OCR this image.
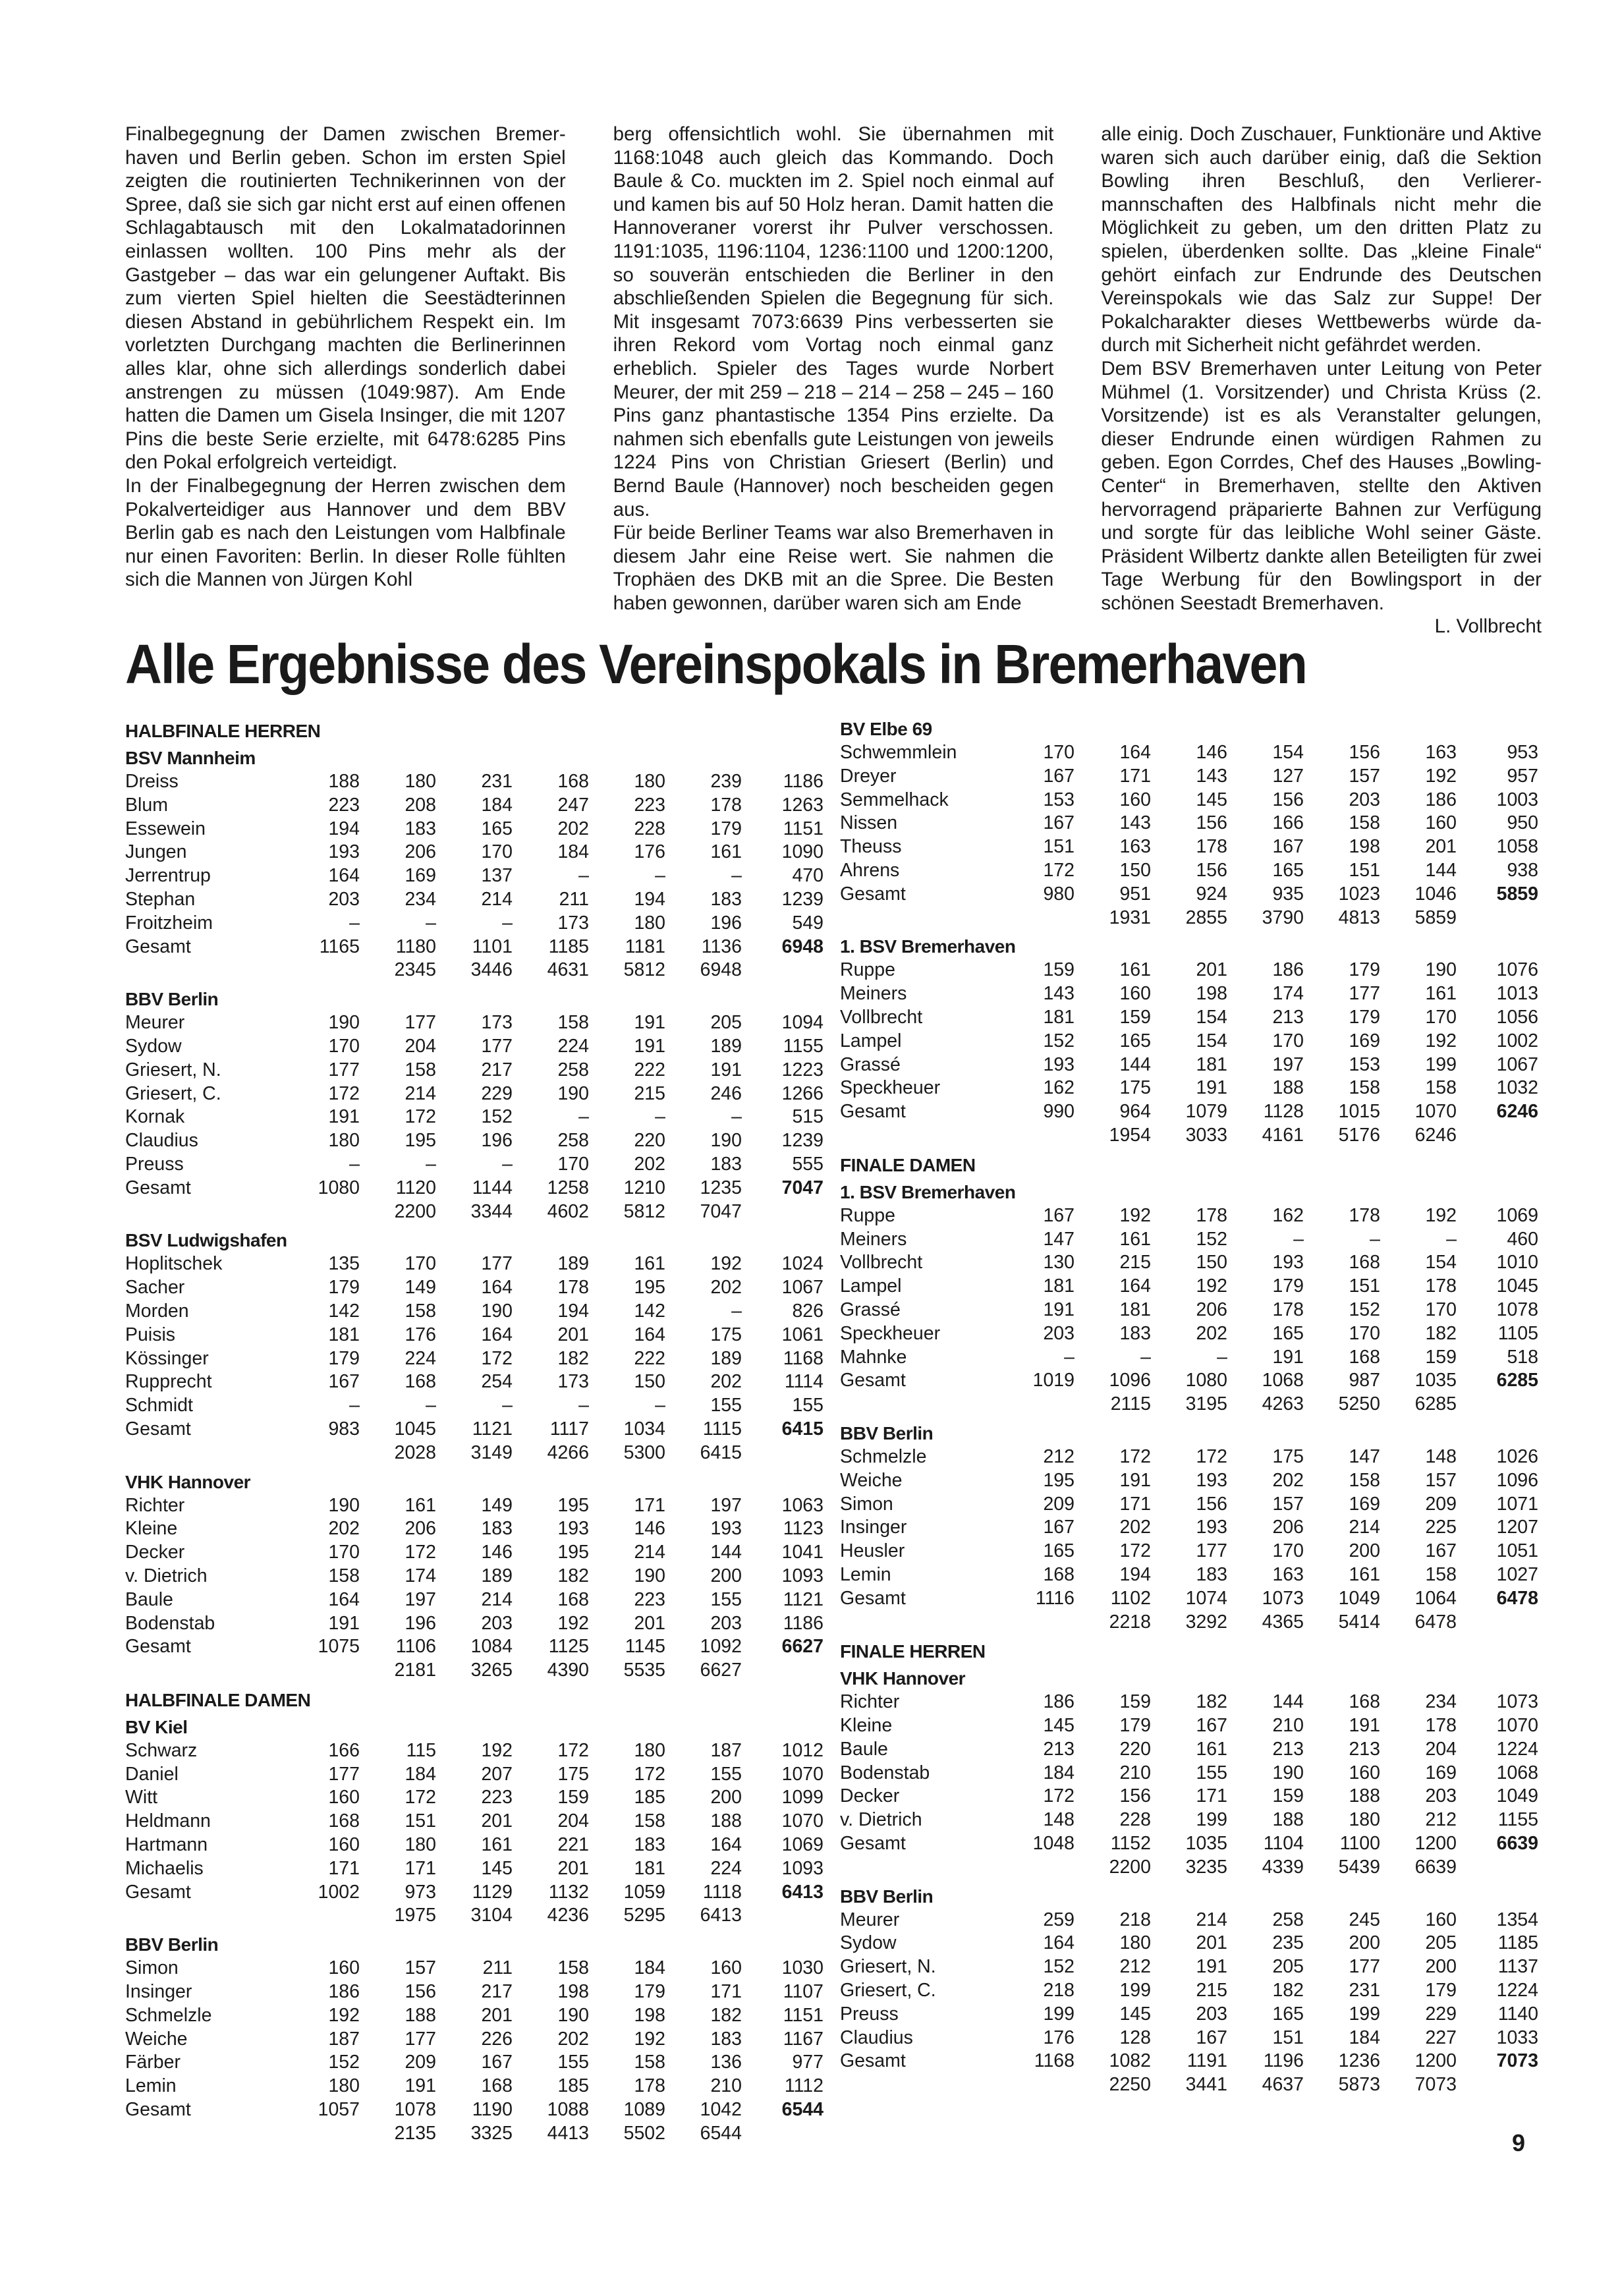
Finalbegegnung der Damen zwischen Bremerhaven und Berlin geben. Schon im ersten Spiel zeigten die routinierten Technikerinnen von der Spree, daß sie sich gar nicht erst auf einen offenen Schlagabtausch mit den Lokalmatadorinnen einlassen wollten. 100 Pins mehr als der Gastgeber – das war ein gelungener Auftakt. Bis zum vierten Spiel hielten die Seestädterinnen diesen Abstand in gebührlichem Respekt ein. Im vorletzten Durchgang machten die Berlinerinnen alles klar, ohne sich allerdings sonderlich dabei anstrengen zu müssen (1049:987). Am Ende hatten die Damen um Gisela Insinger, die mit 1207 Pins die beste Serie erzielte, mit 6478:6285 Pins den Pokal erfolgreich verteidigt.

In der Finalbegegnung der Herren zwischen dem Pokalverteidiger aus Hannover und dem BBV Berlin gab es nach den Leistungen vom Halbfinale nur einen Favoriten: Berlin. In dieser Rolle fühlten sich die Mannen von Jürgen Kohl

berg offensichtlich wohl. Sie übernahmen mit 1168:1048 auch gleich das Kommando. Doch Baule & Co. muckten im 2. Spiel noch einmal auf und kamen bis auf 50 Holz heran. Damit hatten die Hannoveraner vorerst ihr Pulver verschossen. 1191:1035, 1196:1104, 1236:1100 und 1200:1200, so souverän entschieden die Berliner in den abschließenden Spielen die Begegnung für sich. Mit insgesamt 7073:6639 Pins verbesserten sie ihren Rekord vom Vortag noch einmal ganz erheblich. Spieler des Tages wurde Norbert Meurer, der mit 259 – 218 – 214 – 258 – 245 – 160 Pins ganz phantastische 1354 Pins erzielte. Da nahmen sich ebenfalls gute Leistungen von jeweils 1224 Pins von Christian Griesert (Berlin) und Bernd Baule (Hannover) noch bescheiden gegen aus.

Für beide Berliner Teams war also Bremerhaven in diesem Jahr eine Reise wert. Sie nahmen die Trophäen des DKB mit an die Spree. Die Besten haben gewonnen, darüber waren sich am Ende

alle einig. Doch Zuschauer, Funktionäre und Aktive waren sich auch darüber einig, daß die Sektion Bowling ihren Beschluß, den Verlierermannschaften des Halbfinals nicht mehr die Möglichkeit zu geben, um den dritten Platz zu spielen, überdenken sollte. Das „kleine Finale“ gehört einfach zur Endrunde des Deutschen Vereinspokals wie das Salz zur Suppe! Der Pokalcharakter dieses Wettbewerbs würde dadurch mit Sicherheit nicht gefährdet werden.

Dem BSV Bremerhaven unter Leitung von Peter Mühmel (1. Vorsitzender) und Christa Krüss (2. Vorsitzende) ist es als Veranstalter gelungen, dieser Endrunde einen würdigen Rahmen zu geben. Egon Corrdes, Chef des Hauses „Bowling-Center“ in Bremerhaven, stellte den Aktiven hervorragend präparierte Bahnen zur Verfügung und sorgte für das leibliche Wohl seiner Gäste. Präsident Wilbertz dankte allen Beteiligten für zwei Tage Werbung für den Bowlingsport in der schönen Seestadt Bremerhaven.
L. Vollbrecht

Alle Ergebnisse des Vereinspokals in Bremerhaven
HALBFINALE HERREN
BSV Mannheim
Dreiss	188	180	231	168	180	239	1186
Blum	223	208	184	247	223	178	1263
Essewein	194	183	165	202	228	179	1151
Jungen	193	206	170	184	176	161	1090
Jerrentrup	164	169	137	–	–	–	470
Stephan	203	234	214	211	194	183	1239
Froitzheim	–	–	–	173	180	196	549
Gesamt	1165	1180	1101	1185	1181	1136	6948
		2345	3446	4631	5812	6948	
BBV Berlin
Meurer	190	177	173	158	191	205	1094
Sydow	170	204	177	224	191	189	1155
Griesert, N.	177	158	217	258	222	191	1223
Griesert, C.	172	214	229	190	215	246	1266
Kornak	191	172	152	–	–	–	515
Claudius	180	195	196	258	220	190	1239
Preuss	–	–	–	170	202	183	555
Gesamt	1080	1120	1144	1258	1210	1235	7047
		2200	3344	4602	5812	7047	
BSV Ludwigshafen
Hoplitschek	135	170	177	189	161	192	1024
Sacher	179	149	164	178	195	202	1067
Morden	142	158	190	194	142	–	826
Puisis	181	176	164	201	164	175	1061
Kössinger	179	224	172	182	222	189	1168
Rupprecht	167	168	254	173	150	202	1114
Schmidt	–	–	–	–	–	155	155
Gesamt	983	1045	1121	1117	1034	1115	6415
		2028	3149	4266	5300	6415	
VHK Hannover
Richter	190	161	149	195	171	197	1063
Kleine	202	206	183	193	146	193	1123
Decker	170	172	146	195	214	144	1041
v. Dietrich	158	174	189	182	190	200	1093
Baule	164	197	214	168	223	155	1121
Bodenstab	191	196	203	192	201	203	1186
Gesamt	1075	1106	1084	1125	1145	1092	6627
		2181	3265	4390	5535	6627	
HALBFINALE DAMEN
BV Kiel
Schwarz	166	115	192	172	180	187	1012
Daniel	177	184	207	175	172	155	1070
Witt	160	172	223	159	185	200	1099
Heldmann	168	151	201	204	158	188	1070
Hartmann	160	180	161	221	183	164	1069
Michaelis	171	171	145	201	181	224	1093
Gesamt	1002	973	1129	1132	1059	1118	6413
		1975	3104	4236	5295	6413	
BBV Berlin
Simon	160	157	211	158	184	160	1030
Insinger	186	156	217	198	179	171	1107
Schmelzle	192	188	201	190	198	182	1151
Weiche	187	177	226	202	192	183	1167
Färber	152	209	167	155	158	136	977
Lemin	180	191	168	185	178	210	1112
Gesamt	1057	1078	1190	1088	1089	1042	6544
		2135	3325	4413	5502	6544	
BV Elbe 69
Schwemmlein	170	164	146	154	156	163	953
Dreyer	167	171	143	127	157	192	957
Semmelhack	153	160	145	156	203	186	1003
Nissen	167	143	156	166	158	160	950
Theuss	151	163	178	167	198	201	1058
Ahrens	172	150	156	165	151	144	938
Gesamt	980	951	924	935	1023	1046	5859
		1931	2855	3790	4813	5859	
1. BSV Bremerhaven
Ruppe	159	161	201	186	179	190	1076
Meiners	143	160	198	174	177	161	1013
Vollbrecht	181	159	154	213	179	170	1056
Lampel	152	165	154	170	169	192	1002
Grassé	193	144	181	197	153	199	1067
Speckheuer	162	175	191	188	158	158	1032
Gesamt	990	964	1079	1128	1015	1070	6246
		1954	3033	4161	5176	6246	
FINALE DAMEN
1. BSV Bremerhaven
Ruppe	167	192	178	162	178	192	1069
Meiners	147	161	152	–	–	–	460
Vollbrecht	130	215	150	193	168	154	1010
Lampel	181	164	192	179	151	178	1045
Grassé	191	181	206	178	152	170	1078
Speckheuer	203	183	202	165	170	182	1105
Mahnke	–	–	–	191	168	159	518
Gesamt	1019	1096	1080	1068	987	1035	6285
		2115	3195	4263	5250	6285	
BBV Berlin
Schmelzle	212	172	172	175	147	148	1026
Weiche	195	191	193	202	158	157	1096
Simon	209	171	156	157	169	209	1071
Insinger	167	202	193	206	214	225	1207
Heusler	165	172	177	170	200	167	1051
Lemin	168	194	183	163	161	158	1027
Gesamt	1116	1102	1074	1073	1049	1064	6478
		2218	3292	4365	5414	6478	
FINALE HERREN
VHK Hannover
Richter	186	159	182	144	168	234	1073
Kleine	145	179	167	210	191	178	1070
Baule	213	220	161	213	213	204	1224
Bodenstab	184	210	155	190	160	169	1068
Decker	172	156	171	159	188	203	1049
v. Dietrich	148	228	199	188	180	212	1155
Gesamt	1048	1152	1035	1104	1100	1200	6639
		2200	3235	4339	5439	6639	
BBV Berlin
Meurer	259	218	214	258	245	160	1354
Sydow	164	180	201	235	200	205	1185
Griesert, N.	152	212	191	205	177	200	1137
Griesert, C.	218	199	215	182	231	179	1224
Preuss	199	145	203	165	199	229	1140
Claudius	176	128	167	151	184	227	1033
Gesamt	1168	1082	1191	1196	1236	1200	7073
		2250	3441	4637	5873	7073	
9
